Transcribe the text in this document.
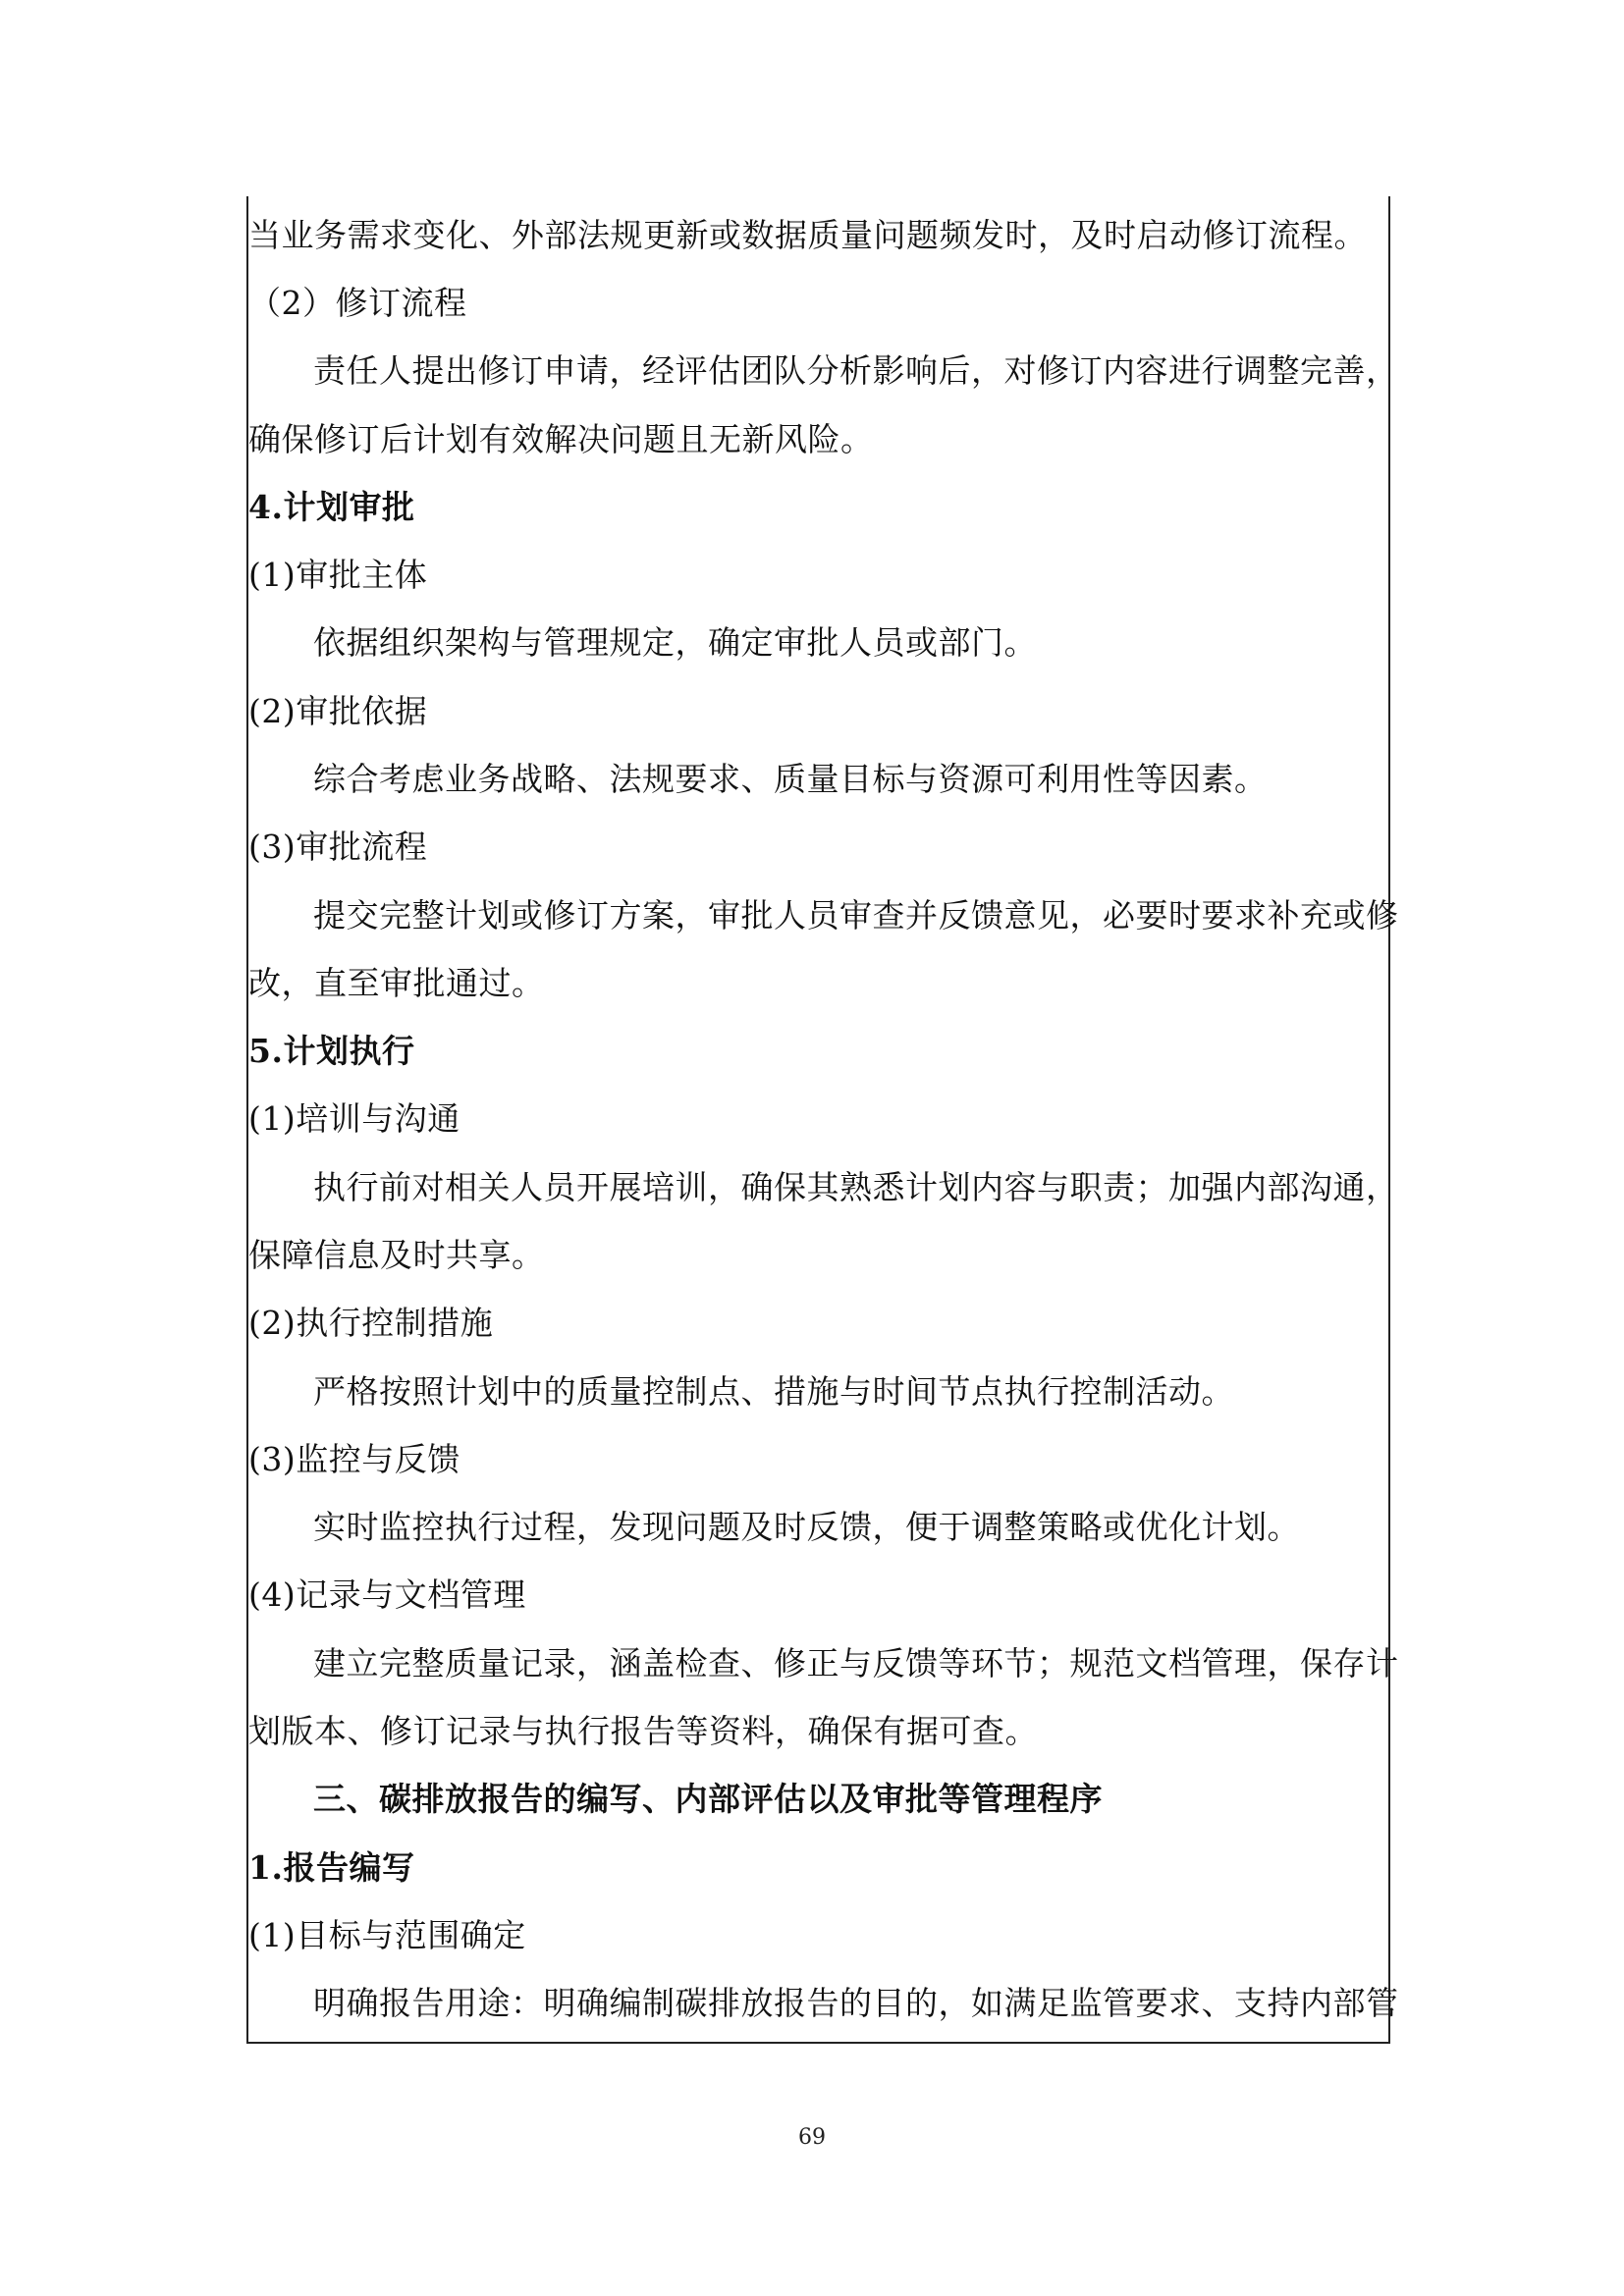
当业务需求变化、外部法规更新或数据质量问题频发时，及时启动修订流程。
（2）修订流程
责任人提出修订申请，经评估团队分析影响后，对修订内容进行调整完善，
确保修订后计划有效解决问题且无新风险。
4.计划审批
(1)审批主体
依据组织架构与管理规定，确定审批人员或部门。
(2)审批依据
综合考虑业务战略、法规要求、质量目标与资源可利用性等因素。
(3)审批流程
提交完整计划或修订方案，审批人员审查并反馈意见，必要时要求补充或修
改，直至审批通过。
5.计划执行
(1)培训与沟通
执行前对相关人员开展培训，确保其熟悉计划内容与职责；加强内部沟通，
保障信息及时共享。
(2)执行控制措施
严格按照计划中的质量控制点、措施与时间节点执行控制活动。
(3)监控与反馈
实时监控执行过程，发现问题及时反馈，便于调整策略或优化计划。
(4)记录与文档管理
建立完整质量记录，涵盖检查、修正与反馈等环节；规范文档管理，保存计
划版本、修订记录与执行报告等资料，确保有据可查。
三、碳排放报告的编写、内部评估以及审批等管理程序
1.报告编写
(1)目标与范围确定
明确报告用途：明确编制碳排放报告的目的，如满足监管要求、支持内部管
69
